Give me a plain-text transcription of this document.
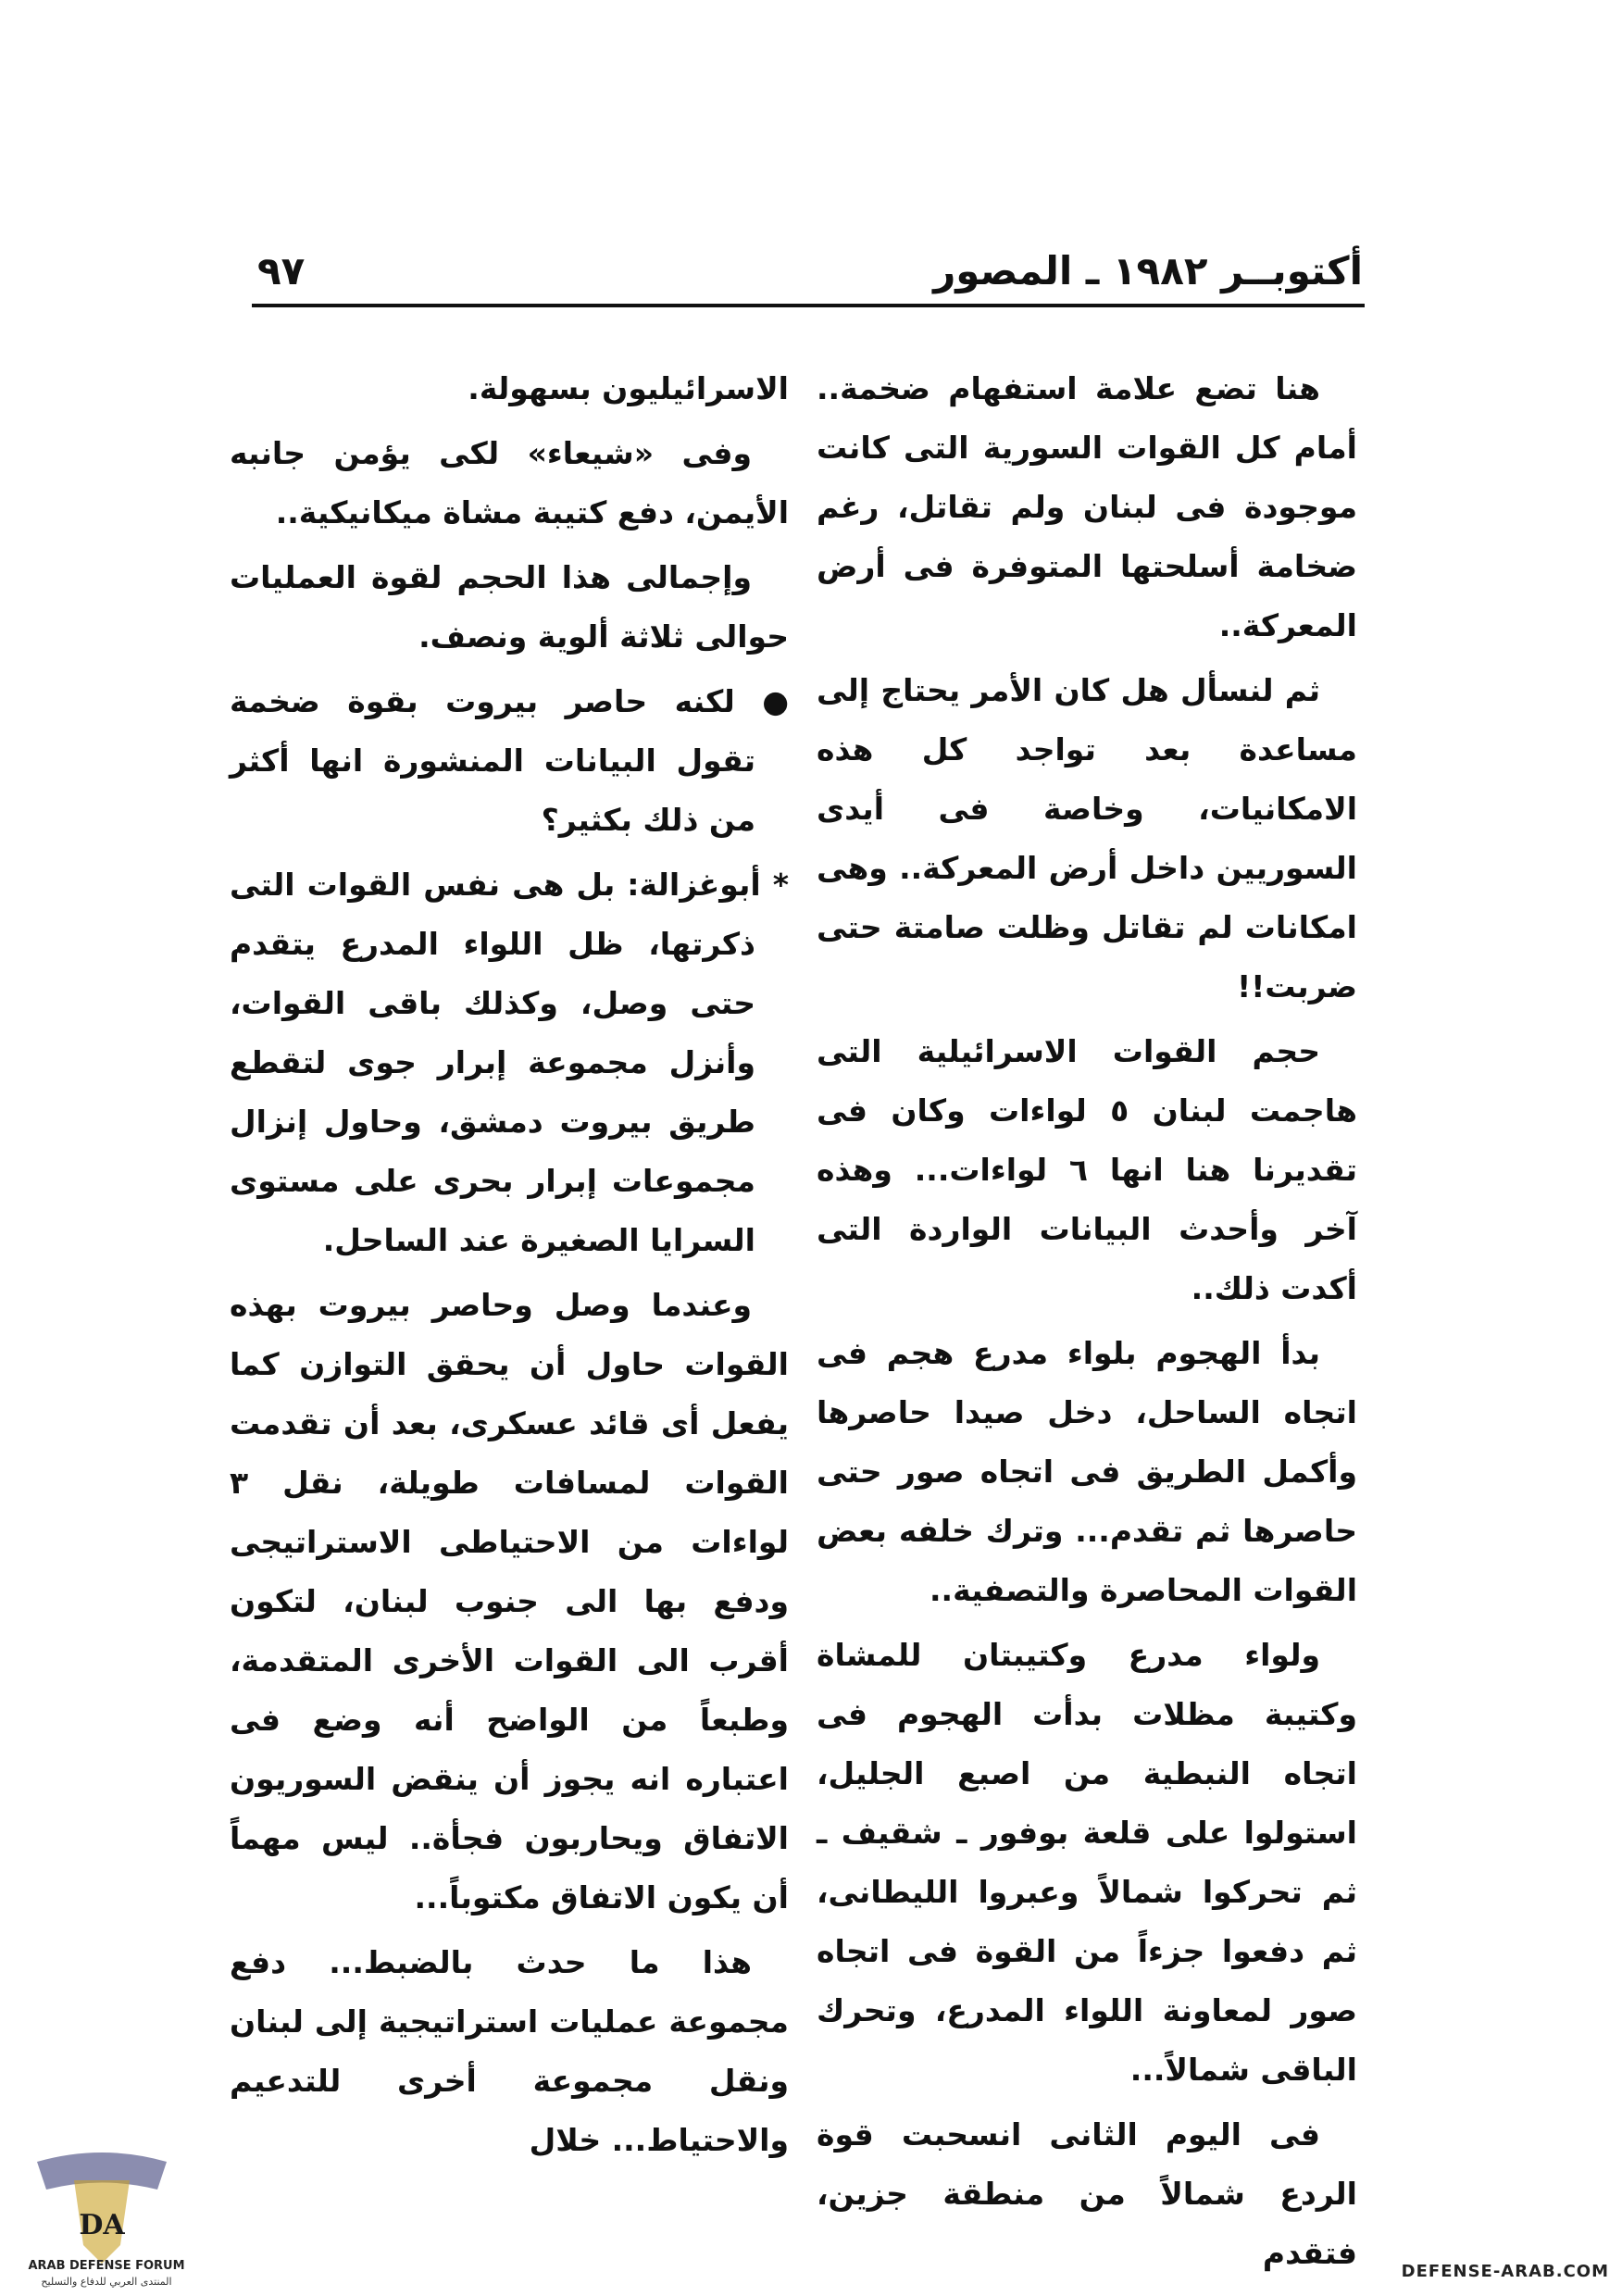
أكتوبــر ١٩٨٢ ـ المصور
٩٧

هنا تضع علامة استفهام ضخمة.. أمام كل القوات السورية التى كانت موجودة فى لبنان ولم تقاتل، رغم ضخامة أسلحتها المتوفرة فى أرض المعركة..

ثم لنسأل هل كان الأمر يحتاج إلى مساعدة بعد تواجد كل هذه الامكانيات، وخاصة فى أيدى السوريين داخل أرض المعركة.. وهى امكانات لم تقاتل وظلت صامتة حتى ضربت!!

حجم القوات الاسرائيلية التى هاجمت لبنان ٥ لواءات وكان فى تقديرنا هنا انها ٦ لواءات... وهذه آخر وأحدث البيانات الواردة التى أكدت ذلك..

بدأ الهجوم بلواء مدرع هجم فى اتجاه الساحل، دخل صيدا حاصرها وأكمل الطريق فى اتجاه صور حتى حاصرها ثم تقدم... وترك خلفه بعض القوات المحاصرة والتصفية..

ولواء مدرع وكتيبتان للمشاة وكتيبة مظلات بدأت الهجوم فى اتجاه النبطية من اصبع الجليل، استولوا على قلعة بوفور ـ شقيف ـ ثم تحركوا شمالاً وعبروا الليطانى، ثم دفعوا جزءاً من القوة فى اتجاه صور لمعاونة اللواء المدرع، وتحرك الباقى شمالاً...

فى اليوم الثانى انسحبت قوة الردع شمالاً من منطقة جزين، فتقدم

الاسرائيليون بسهولة.

وفى «شيعاء» لكى يؤمن جانبه الأيمن، دفع كتيبة مشاة ميكانيكية..

وإجمالى هذا الحجم لقوة العمليات حوالى ثلاثة ألوية ونصف.

● لكنه حاصر بيروت بقوة ضخمة تقول البيانات المنشورة انها أكثر من ذلك بكثير؟

* أبوغزالة: بل هى نفس القوات التى ذكرتها، ظل اللواء المدرع يتقدم حتى وصل، وكذلك باقى القوات، وأنزل مجموعة إبرار جوى لتقطع طريق بيروت دمشق، وحاول إنزال مجموعات إبرار بحرى على مستوى السرايا الصغيرة عند الساحل.

وعندما وصل وحاصر بيروت بهذه القوات حاول أن يحقق التوازن كما يفعل أى قائد عسكرى، بعد أن تقدمت القوات لمسافات طويلة، نقل ٣ لواءات من الاحتياطى الاستراتيجى ودفع بها الى جنوب لبنان، لتكون أقرب الى القوات الأخرى المتقدمة، وطبعاً من الواضح أنه وضع فى اعتباره انه يجوز أن ينقض السوريون الاتفاق ويحاربون فجأة.. ليس مهماً أن يكون الاتفاق مكتوباً...

هذا ما حدث بالضبط... دفع مجموعة عمليات استراتيجية إلى لبنان ونقل مجموعة أخرى للتدعيم والاحتياط... خلال

DA
ARAB DEFENSE FORUM
المنتدى العربي للدفاع والتسليح
DEFENSE-ARAB.COM
